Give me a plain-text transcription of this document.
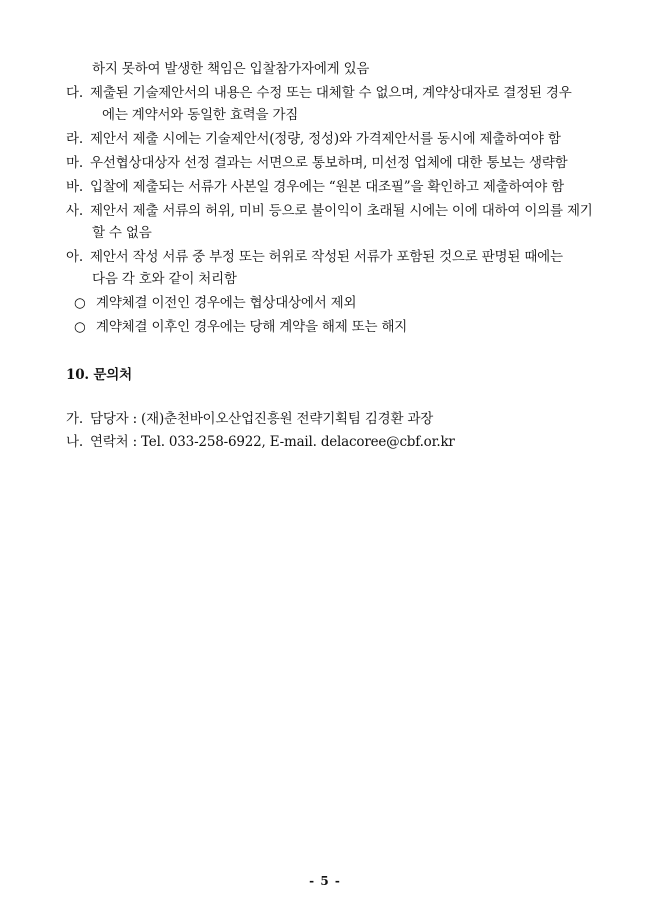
하지 못하여 발생한 책임은 입찰참가자에게 있음
다. 제출된 기술제안서의 내용은 수정 또는 대체할 수 없으며, 계약상대자로 결정된 경우
에는 계약서와 동일한 효력을 가짐
라. 제안서 제출 시에는 기술제안서(정량, 정성)와 가격제안서를 동시에 제출하여야 함
마. 우선협상대상자 선정 결과는 서면으로 통보하며, 미선정 업체에 대한 통보는 생략함
바. 입찰에 제출되는 서류가 사본일 경우에는 “원본 대조필”을 확인하고 제출하여야 함
사. 제안서 제출 서류의 허위, 미비 등으로 불이익이 초래될 시에는 이에 대하여 이의를 제기
할 수 없음
아. 제안서 작성 서류 중 부정 또는 허위로 작성된 서류가 포함된 것으로 판명된 때에는
다음 각 호와 같이 처리함
○ 계약체결 이전인 경우에는 협상대상에서 제외
○ 계약체결 이후인 경우에는 당해 계약을 해제 또는 해지
10. 문의처
가. 담당자 : (재)춘천바이오산업진흥원 전략기획팀 김경환 과장
나. 연락처 : Tel. 033-258-6922, E-mail. delacoree@cbf.or.kr
- 5 -
